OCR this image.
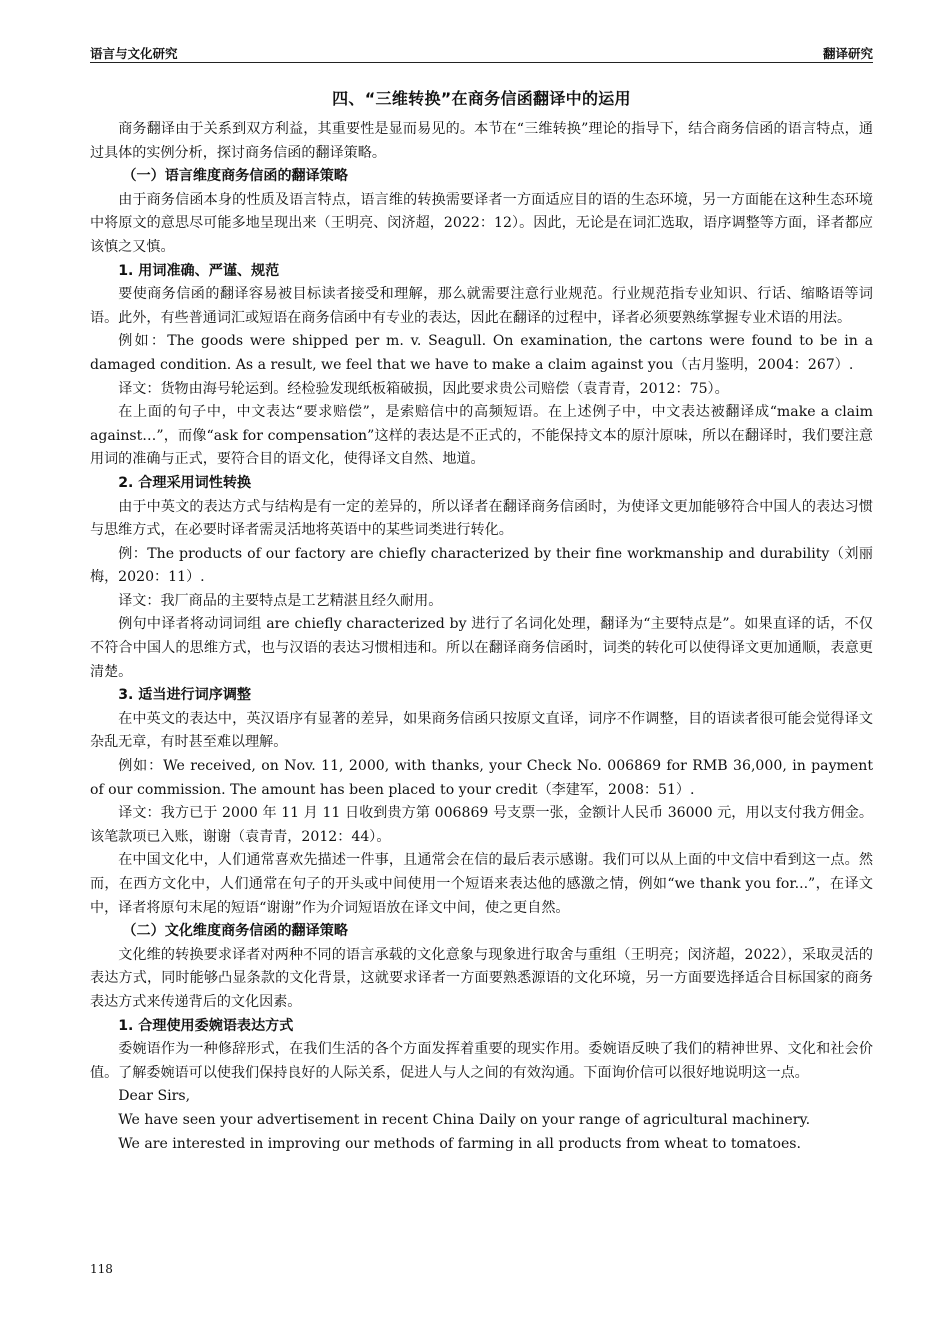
语言与文化研究	翻译研究
四、“三维转换”在商务信函翻译中的运用

商务翻译由于关系到双方利益，其重要性是显而易见的。本节在“三维转换”理论的指导下，结合商务信函的语言特点，通过具体的实例分析，探讨商务信函的翻译策略。

（一）语言维度商务信函的翻译策略

由于商务信函本身的性质及语言特点，语言维的转换需要译者一方面适应目的语的生态环境，另一方面能在这种生态环境中将原文的意思尽可能多地呈现出来（王明亮、闵济超，2022：12）。因此，无论是在词汇选取，语序调整等方面，译者都应该慎之又慎。

1. 用词准确、严谨、规范

要使商务信函的翻译容易被目标读者接受和理解，那么就需要注意行业规范。行业规范指专业知识、行话、缩略语等词语。此外，有些普通词汇或短语在商务信函中有专业的表达，因此在翻译的过程中，译者必须要熟练掌握专业术语的用法。

例如：The goods were shipped per m. v. Seagull. On examination, the cartons were found to be in a damaged condition. As a result, we feel that we have to make a claim against you（古月鉴明，2004：267）.

译文：货物由海号轮运到。经检验发现纸板箱破损，因此要求贵公司赔偿（袁青青，2012：75）。

在上面的句子中，中文表达“要求赔偿”，是索赔信中的高频短语。在上述例子中，中文表达被翻译成“make a claim against…”，而像“ask for compensation”这样的表达是不正式的，不能保持文本的原汁原味，所以在翻译时，我们要注意用词的准确与正式，要符合目的语文化，使得译文自然、地道。

2. 合理采用词性转换

由于中英文的表达方式与结构是有一定的差异的，所以译者在翻译商务信函时，为使译文更加能够符合中国人的表达习惯与思维方式，在必要时译者需灵活地将英语中的某些词类进行转化。

例：The products of our factory are chiefly characterized by their fine workmanship and durability（刘丽梅，2020：11）.

译文：我厂商品的主要特点是工艺精湛且经久耐用。

例句中译者将动词词组 are chiefly characterized by 进行了名词化处理，翻译为“主要特点是”。如果直译的话，不仅不符合中国人的思维方式，也与汉语的表达习惯相违和。所以在翻译商务信函时，词类的转化可以使得译文更加通顺，表意更清楚。

3. 适当进行词序调整

在中英文的表达中，英汉语序有显著的差异，如果商务信函只按原文直译，词序不作调整，目的语读者很可能会觉得译文杂乱无章，有时甚至难以理解。

例如：We received, on Nov. 11, 2000, with thanks, your Check No. 006869 for RMB 36,000, in payment of our commission. The amount has been placed to your credit（李建军，2008：51）.

译文：我方已于 2000 年 11 月 11 日收到贵方第 006869 号支票一张，金额计人民币 36000 元，用以支付我方佣金。该笔款项已入账，谢谢（袁青青，2012：44）。

在中国文化中，人们通常喜欢先描述一件事，且通常会在信的最后表示感谢。我们可以从上面的中文信中看到这一点。然而，在西方文化中，人们通常在句子的开头或中间使用一个短语来表达他的感激之情，例如“we thank you for...”，在译文中，译者将原句末尾的短语“谢谢”作为介词短语放在译文中间，使之更自然。

（二）文化维度商务信函的翻译策略

文化维的转换要求译者对两种不同的语言承载的文化意象与现象进行取舍与重组（王明亮；闵济超，2022），采取灵活的表达方式，同时能够凸显条款的文化背景，这就要求译者一方面要熟悉源语的文化环境，另一方面要选择适合目标国家的商务表达方式来传递背后的文化因素。

1. 合理使用委婉语表达方式

委婉语作为一种修辞形式，在我们生活的各个方面发挥着重要的现实作用。委婉语反映了我们的精神世界、文化和社会价值。了解委婉语可以使我们保持良好的人际关系，促进人与人之间的有效沟通。下面询价信可以很好地说明这一点。

Dear Sirs,

We have seen your advertisement in recent China Daily on your range of agricultural machinery.

We are interested in improving our methods of farming in all products from wheat to tomatoes.

118
